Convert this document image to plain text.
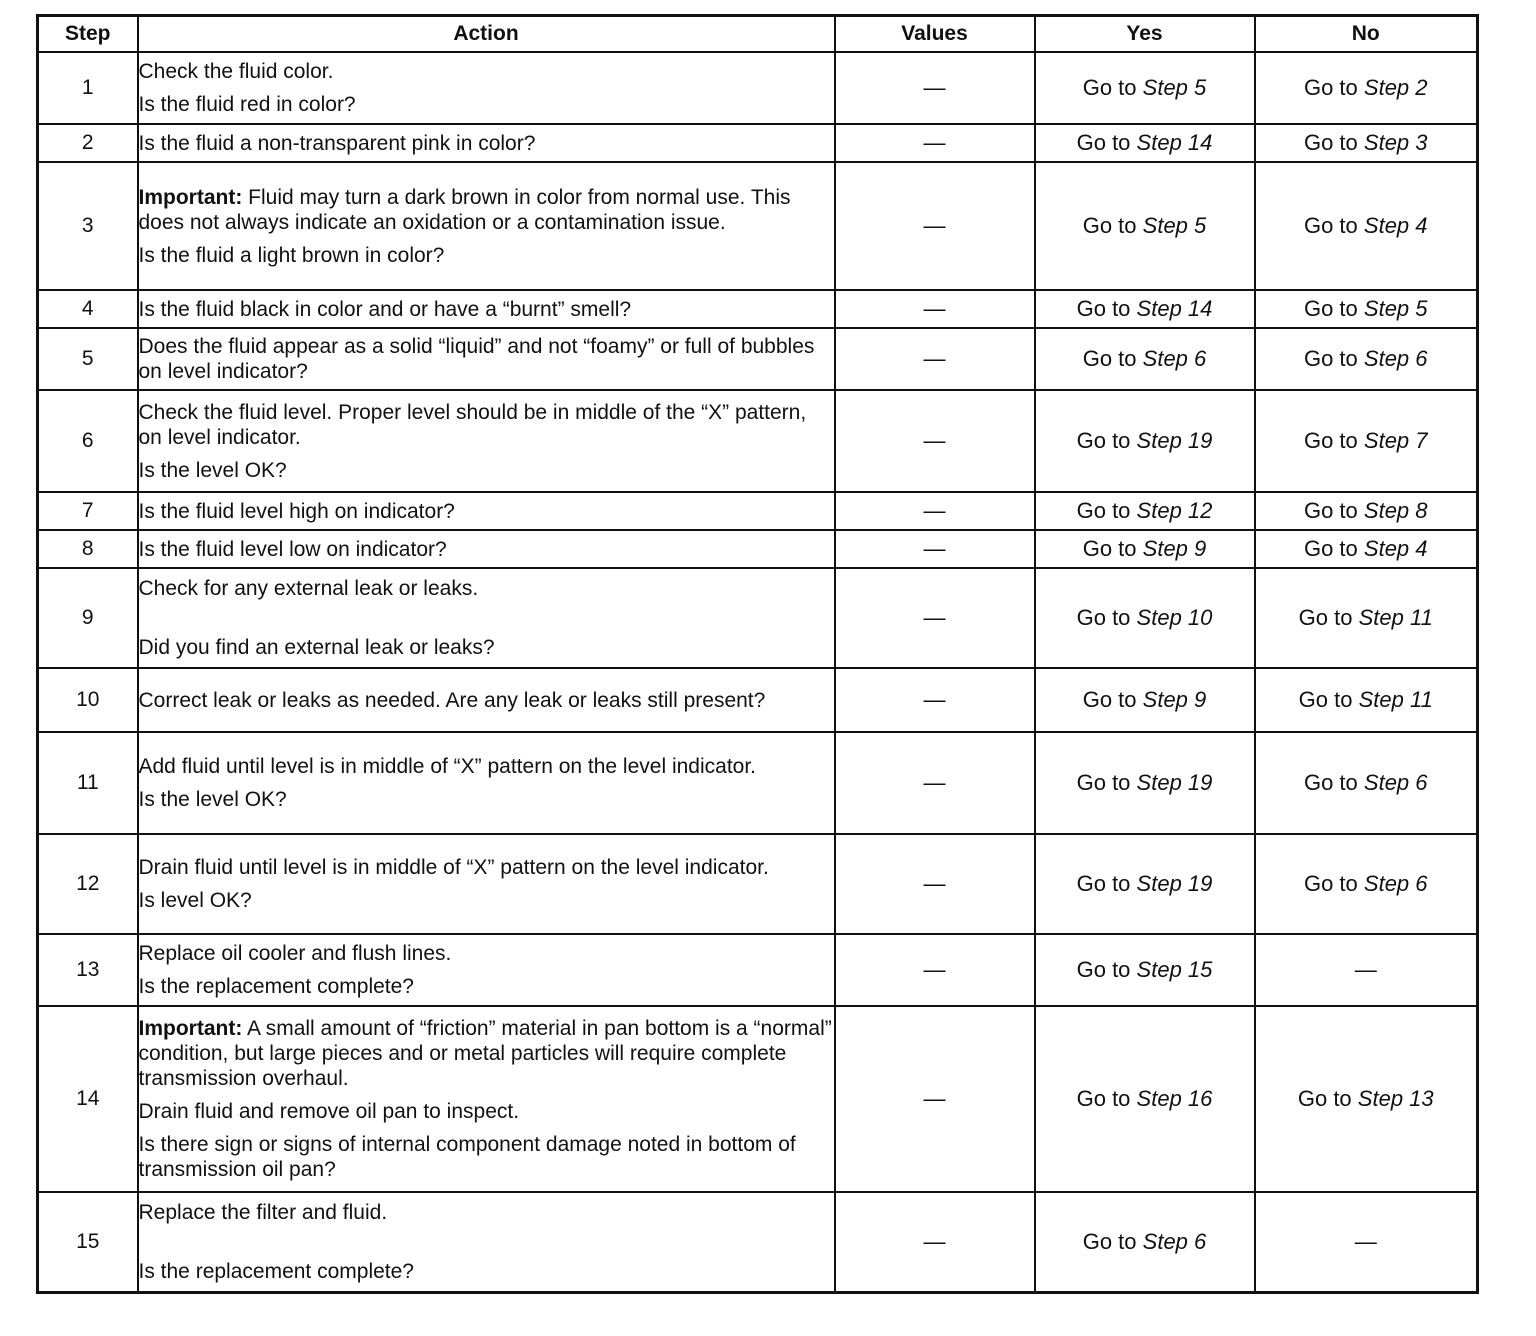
Step	Action	Values	Yes	No
1	Check the fluid color.

Is the fluid red in color?	—	Go to Step 5	Go to Step 2
2	Is the fluid a non-transparent pink in color?	—	Go to Step 14	Go to Step 3
3	Important: Fluid may turn a dark brown in color from normal use. This does not always indicate an oxidation or a contamination issue.

Is the fluid a light brown in color?	—	Go to Step 5	Go to Step 4
4	Is the fluid black in color and or have a “burnt” smell?	—	Go to Step 14	Go to Step 5
5	Does the fluid appear as a solid “liquid” and not “foamy” or full of bubbles on level indicator?	—	Go to Step 6	Go to Step 6
6	Check the fluid level. Proper level should be in middle of the “X” pattern, on level indicator.

Is the level OK?	—	Go to Step 19	Go to Step 7
7	Is the fluid level high on indicator?	—	Go to Step 12	Go to Step 8
8	Is the fluid level low on indicator?	—	Go to Step 9	Go to Step 4
9	Check for any external leak or leaks.

Did you find an external leak or leaks?	—	Go to Step 10	Go to Step 11
10	Correct leak or leaks as needed. Are any leak or leaks still present?	—	Go to Step 9	Go to Step 11
11	Add fluid until level is in middle of “X” pattern on the level indicator.

Is the level OK?	—	Go to Step 19	Go to Step 6
12	Drain fluid until level is in middle of “X” pattern on the level indicator.

Is level OK?	—	Go to Step 19	Go to Step 6
13	Replace oil cooler and flush lines.

Is the replacement complete?	—	Go to Step 15	—
14	Important: A small amount of “friction” material in pan bottom is a “normal” condition, but large pieces and or metal particles will require complete transmission overhaul.

Drain fluid and remove oil pan to inspect.

Is there sign or signs of internal component damage noted in bottom of transmission oil pan?	—	Go to Step 16	Go to Step 13
15	Replace the filter and fluid.

Is the replacement complete?	—	Go to Step 6	—
